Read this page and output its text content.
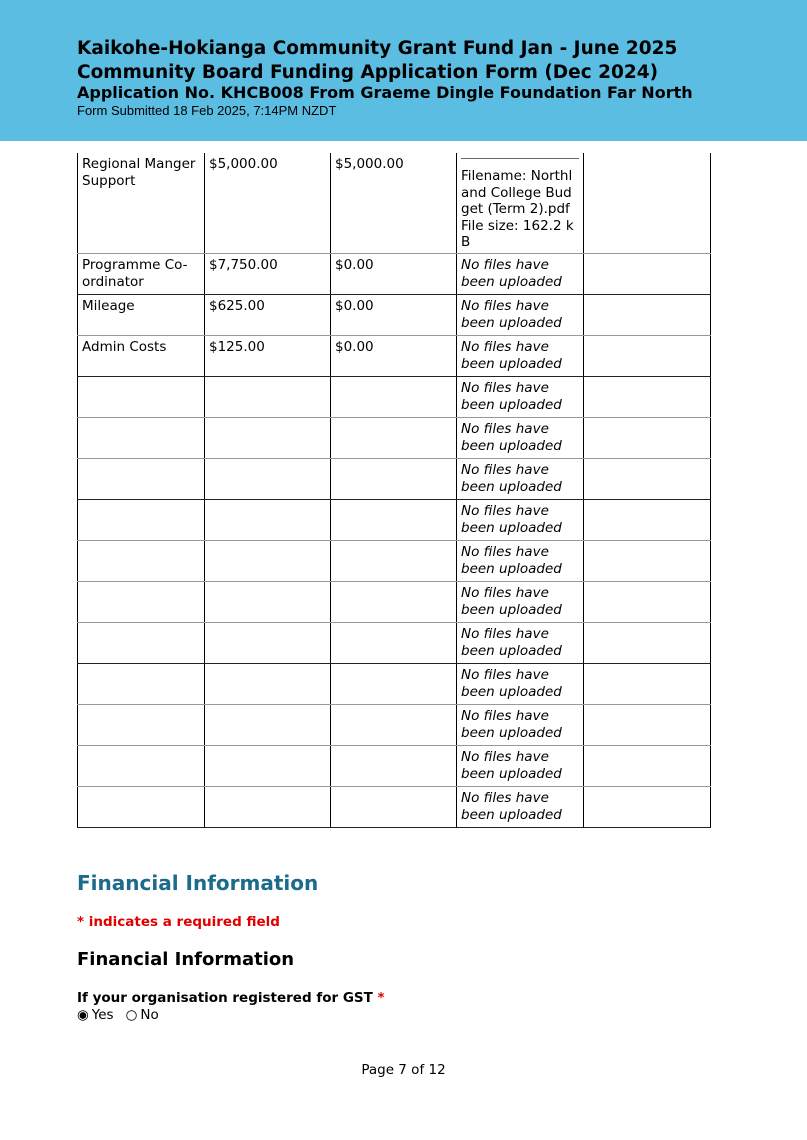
Kaikohe-Hokianga Community Grant Fund Jan - June 2025
Community Board Funding Application Form (Dec 2024)
Application No. KHCB008 From Graeme Dingle Foundation Far North
Form Submitted 18 Feb 2025, 7:14PM NZDT
Regional Manger Support	$5,000.00	$5,000.00	Filename: Northland College Budget (Term 2).pdf File size: 162.2 kB	

Programme Co-ordinator	$7,750.00	$0.00	No files have been uploaded	
Mileage	$625.00	$0.00	No files have been uploaded	
Admin Costs	$125.00	$0.00	No files have been uploaded	
			No files have been uploaded	
			No files have been uploaded	
			No files have been uploaded	
			No files have been uploaded	
			No files have been uploaded	
			No files have been uploaded	
			No files have been uploaded	
			No files have been uploaded	
			No files have been uploaded	
			No files have been uploaded	
			No files have been uploaded	
Financial Information
* indicates a required field
Financial Information
If your organisation registered for GST *
◉ Yes ○ No
Page 7 of 12
